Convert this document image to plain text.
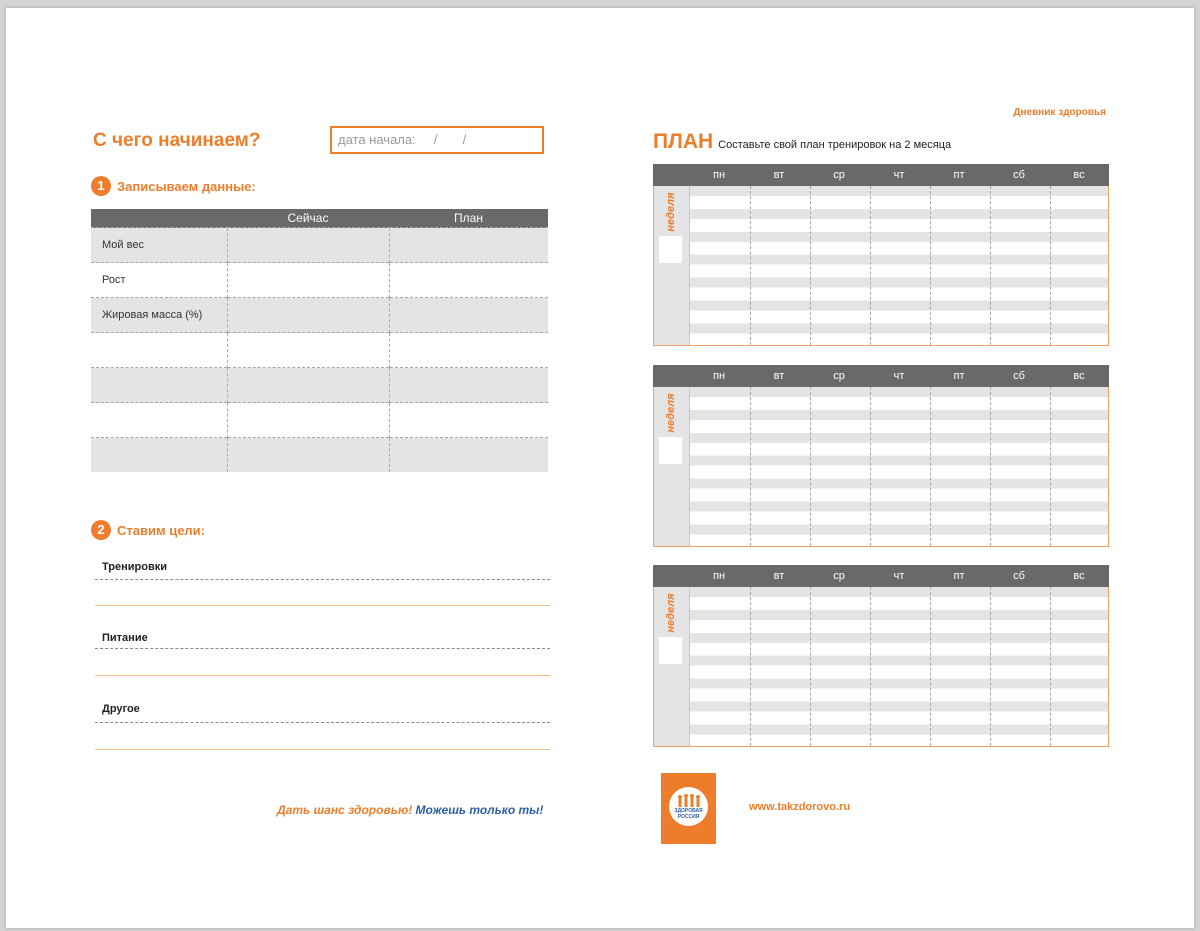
Дневник здоровья
С чего начинаем?	дата начала:     /       /
1 Записываем данные:
	Сейчас	План
Мой вес		
Рост		
Жировая масса (%)		

2 Ставим цели:
Тренировки
Питание
Другое
Дать шанс здоровью! Можешь только ты!
ПЛАН Составьте свой план тренировок на 2 месяца
пн	вт	ср	чт	пт	сб	вс
неделя
пн	вт	ср	чт	пт	сб	вс
неделя
пн	вт	ср	чт	пт	сб	вс
неделя
ЗДОРОВАЯ РОССИЯ
www.takzdorovo.ru
